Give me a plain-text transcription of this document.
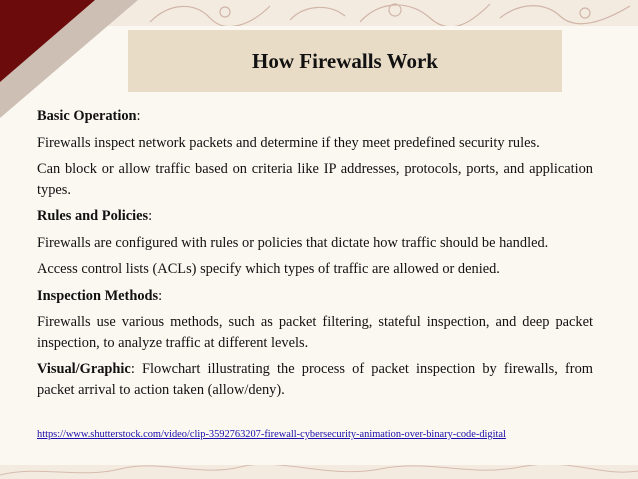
How Firewalls Work

Basic Operation:

Firewalls inspect network packets and determine if they meet predefined security rules.

Can block or allow traffic based on criteria like IP addresses, protocols, ports, and application types.

Rules and Policies:

Firewalls are configured with rules or policies that dictate how traffic should be handled.

Access control lists (ACLs) specify which types of traffic are allowed or denied.

Inspection Methods:

Firewalls use various methods, such as packet filtering, stateful inspection, and deep packet inspection, to analyze traffic at different levels.

Visual/Graphic: Flowchart illustrating the process of packet inspection by firewalls, from packet arrival to action taken (allow/deny).

https://www.shutterstock.com/video/clip-3592763207-firewall-cybersecurity-animation-over-binary-code-digital
